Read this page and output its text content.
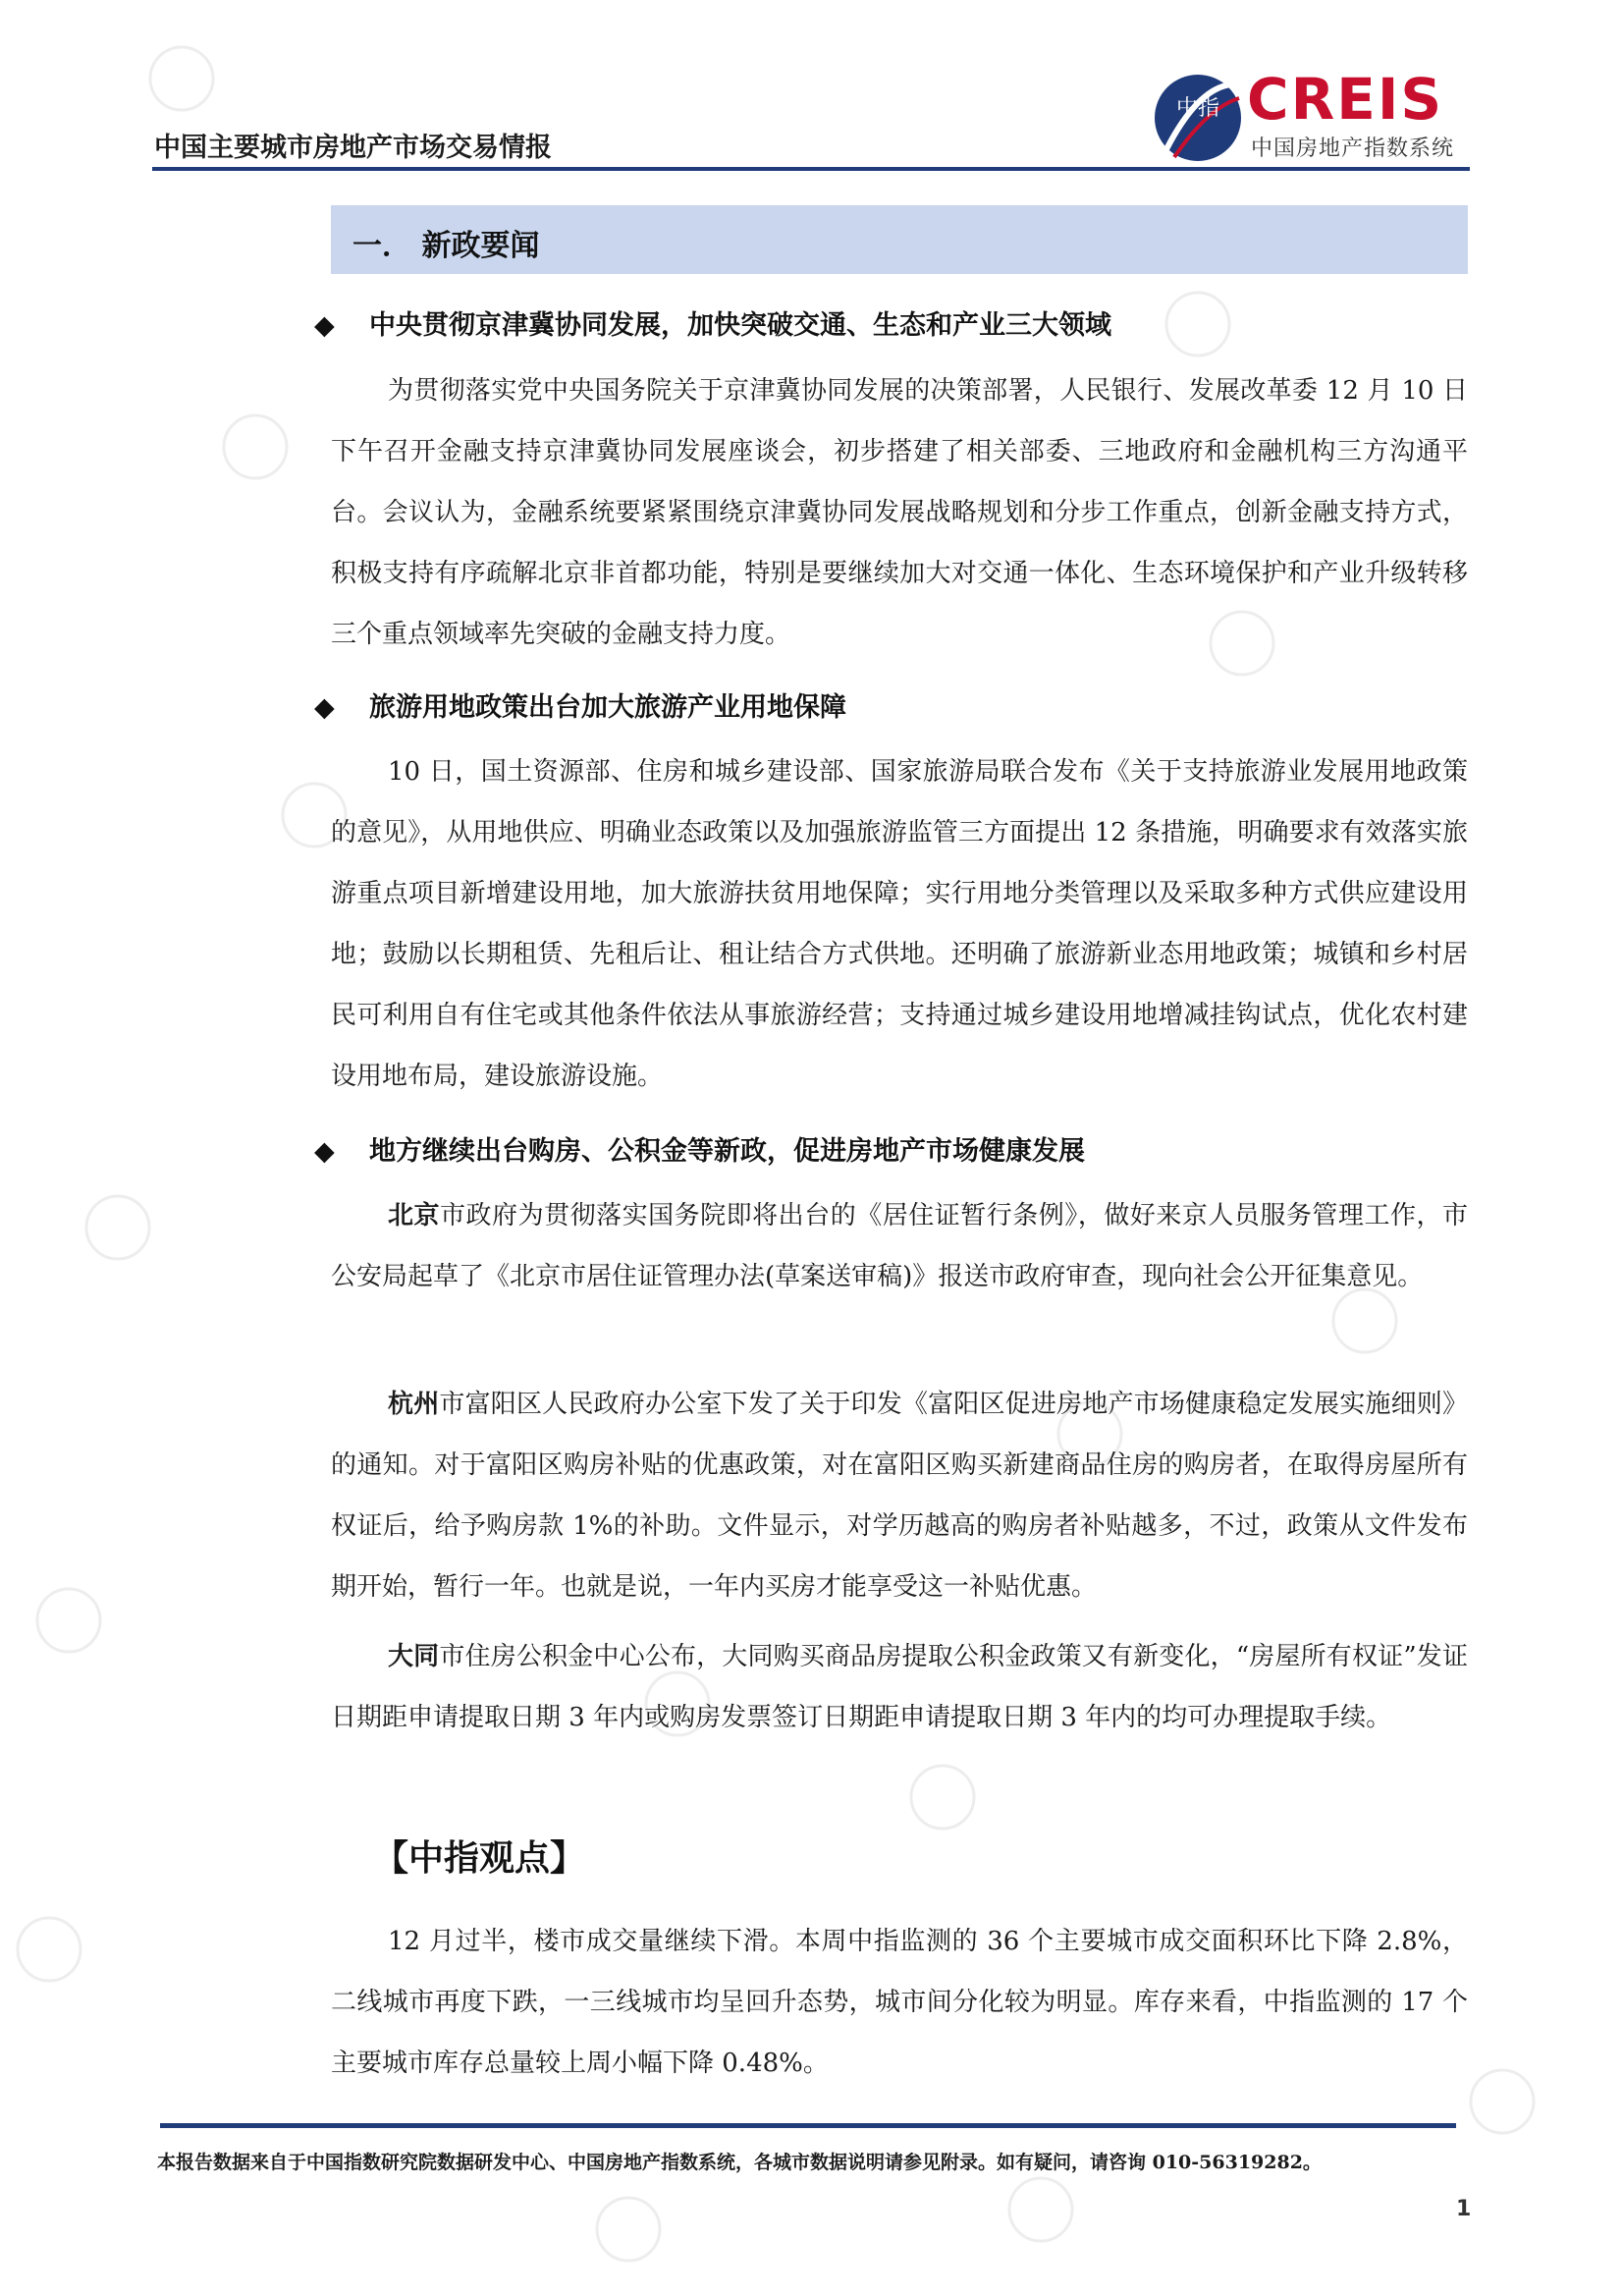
中国主要城市房地产市场交易情报
中指 CREIS
中国房地产指数系统
一． 新政要闻
◆ 中央贯彻京津冀协同发展，加快突破交通、生态和产业三大领域
为贯彻落实党中央国务院关于京津冀协同发展的决策部署，人民银行、发展改革委 12 月 10 日下午召开金融支持京津冀协同发展座谈会，初步搭建了相关部委、三地政府和金融机构三方沟通平台。会议认为，金融系统要紧紧围绕京津冀协同发展战略规划和分步工作重点，创新金融支持方式，积极支持有序疏解北京非首都功能，特别是要继续加大对交通一体化、生态环境保护和产业升级转移三个重点领域率先突破的金融支持力度。
◆ 旅游用地政策出台加大旅游产业用地保障
10 日，国土资源部、住房和城乡建设部、国家旅游局联合发布《关于支持旅游业发展用地政策的意见》，从用地供应、明确业态政策以及加强旅游监管三方面提出 12 条措施，明确要求有效落实旅游重点项目新增建设用地，加大旅游扶贫用地保障；实行用地分类管理以及采取多种方式供应建设用地；鼓励以长期租赁、先租后让、租让结合方式供地。还明确了旅游新业态用地政策；城镇和乡村居民可利用自有住宅或其他条件依法从事旅游经营；支持通过城乡建设用地增减挂钩试点，优化农村建设用地布局，建设旅游设施。
◆ 地方继续出台购房、公积金等新政，促进房地产市场健康发展
北京市政府为贯彻落实国务院即将出台的《居住证暂行条例》，做好来京人员服务管理工作，市公安局起草了《北京市居住证管理办法(草案送审稿)》报送市政府审查，现向社会公开征集意见。
杭州市富阳区人民政府办公室下发了关于印发《富阳区促进房地产市场健康稳定发展实施细则》的通知。对于富阳区购房补贴的优惠政策，对在富阳区购买新建商品住房的购房者，在取得房屋所有权证后，给予购房款 1%的补助。文件显示，对学历越高的购房者补贴越多，不过，政策从文件发布期开始，暂行一年。也就是说，一年内买房才能享受这一补贴优惠。
大同市住房公积金中心公布，大同购买商品房提取公积金政策又有新变化，“房屋所有权证”发证日期距申请提取日期 3 年内或购房发票签订日期距申请提取日期 3 年内的均可办理提取手续。
【中指观点】
12 月过半，楼市成交量继续下滑。本周中指监测的 36 个主要城市成交面积环比下降 2.8%，二线城市再度下跌，一三线城市均呈回升态势，城市间分化较为明显。库存来看，中指监测的 17 个主要城市库存总量较上周小幅下降 0.48%。
本报告数据来自于中国指数研究院数据研发中心、中国房地产指数系统，各城市数据说明请参见附录。如有疑问，请咨询 010-56319282。
1
